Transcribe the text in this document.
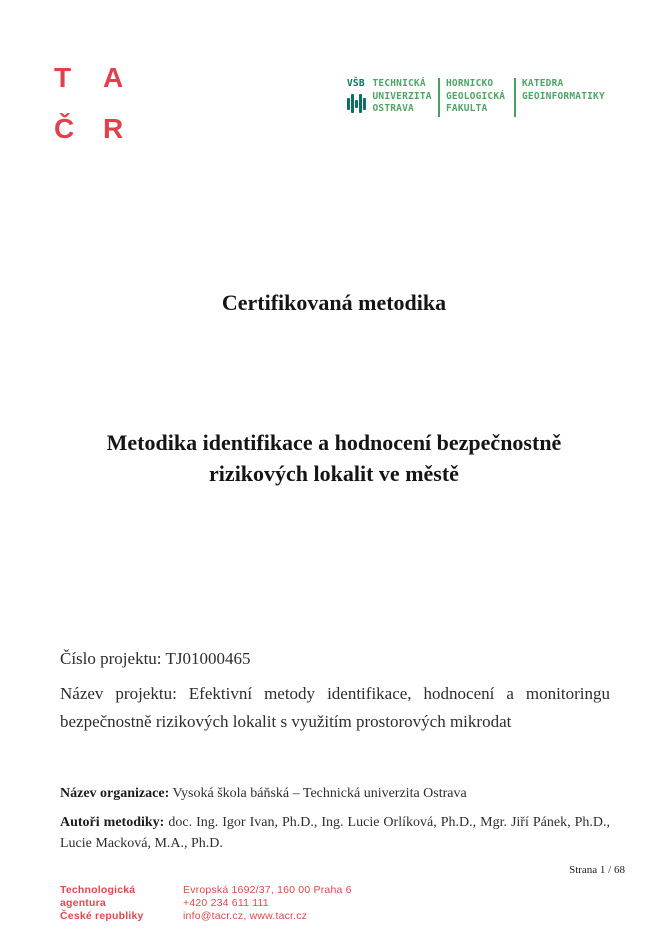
T	A
Č	R
VŠB TECHNICKÁ
UNIVERZITA
OSTRAVA
HORNICKO
GEOLOGICKÁ
FAKULTA
KATEDRA
GEOINFORMATIKY
Certifikovaná metodika
Metodika identifikace a hodnocení bezpečnostně rizikových lokalit ve městě
Číslo projektu: TJ01000465
Název projektu: Efektivní metody identifikace, hodnocení a monitoringu bezpečnostně rizikových lokalit s využitím prostorových mikrodat
Název organizace: Vysoká škola báňská – Technická univerzita Ostrava
Autoři metodiky: doc. Ing. Igor Ivan, Ph.D., Ing. Lucie Orlíková, Ph.D., Mgr. Jiří Pánek, Ph.D., Lucie Macková, M.A., Ph.D.
Strana 1 / 68
Technologická
agentura
České republiky
Evropská 1692/37, 160 00 Praha 6
+420 234 611 111
info@tacr.cz, www.tacr.cz
